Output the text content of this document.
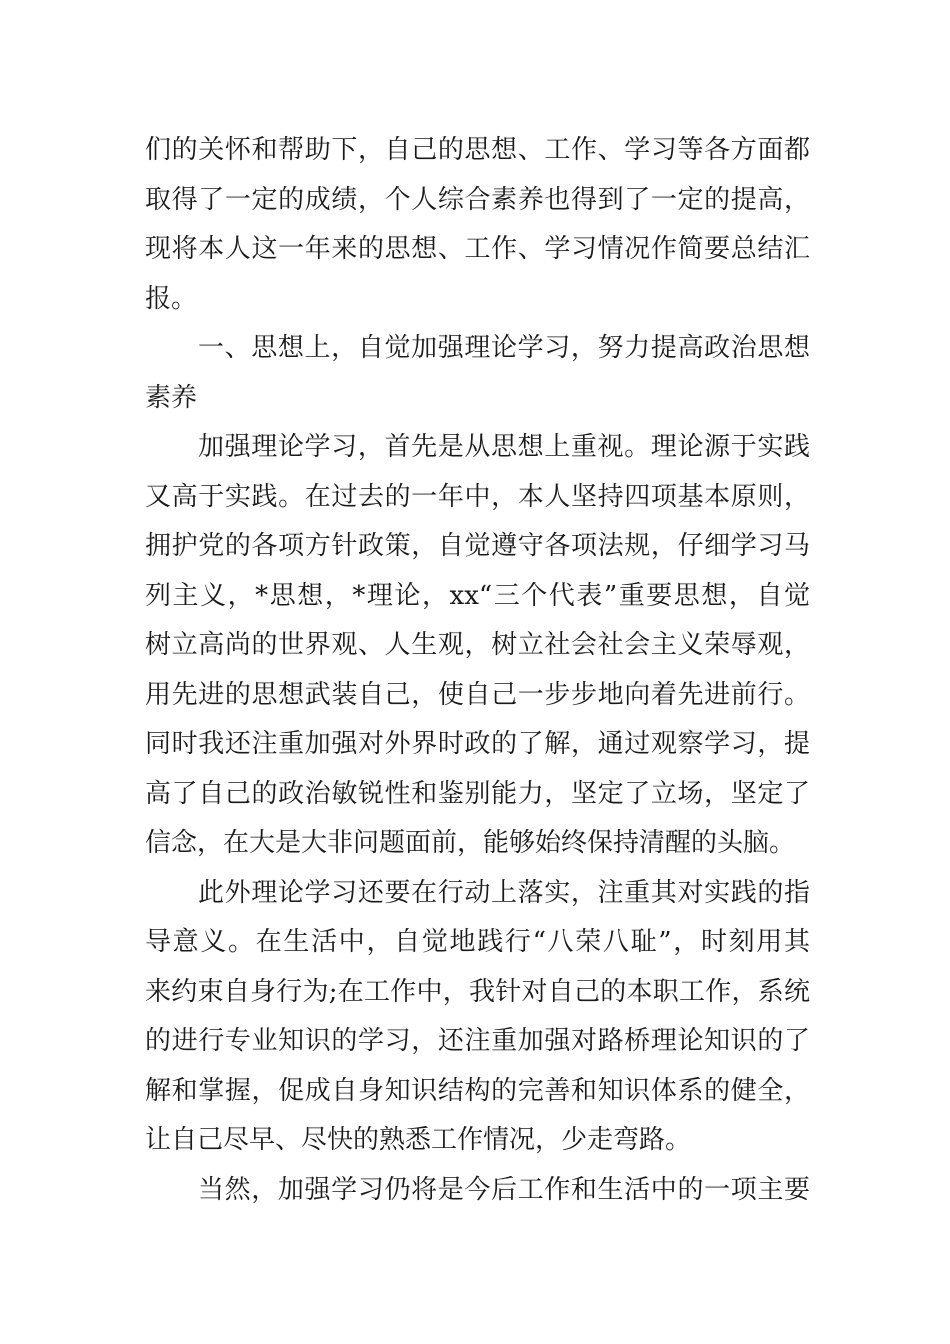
们的关怀和帮助下，自己的思想、工作、学习等各方面都
取得了一定的成绩，个人综合素养也得到了一定的提高，
现将本人这一年来的思想、工作、学习情况作简要总结汇
报。
一、思想上，自觉加强理论学习，努力提高政治思想
素养
加强理论学习，首先是从思想上重视。理论源于实践
又高于实践。在过去的一年中，本人坚持四项基本原则，
拥护党的各项方针政策，自觉遵守各项法规，仔细学习马
列主义，*思想，*理论，xx“三个代表”重要思想，自觉
树立高尚的世界观、人生观，树立社会社会主义荣辱观，
用先进的思想武装自己，使自己一步步地向着先进前行。
同时我还注重加强对外界时政的了解，通过观察学习，提
高了自己的政治敏锐性和鉴别能力，坚定了立场，坚定了
信念，在大是大非问题面前，能够始终保持清醒的头脑。
此外理论学习还要在行动上落实，注重其对实践的指
导意义。在生活中，自觉地践行“八荣八耻”，时刻用其
来约束自身行为;在工作中，我针对自己的本职工作，系统
的进行专业知识的学习，还注重加强对路桥理论知识的了
解和掌握，促成自身知识结构的完善和知识体系的健全，
让自己尽早、尽快的熟悉工作情况，少走弯路。
当然，加强学习仍将是今后工作和生活中的一项主要
